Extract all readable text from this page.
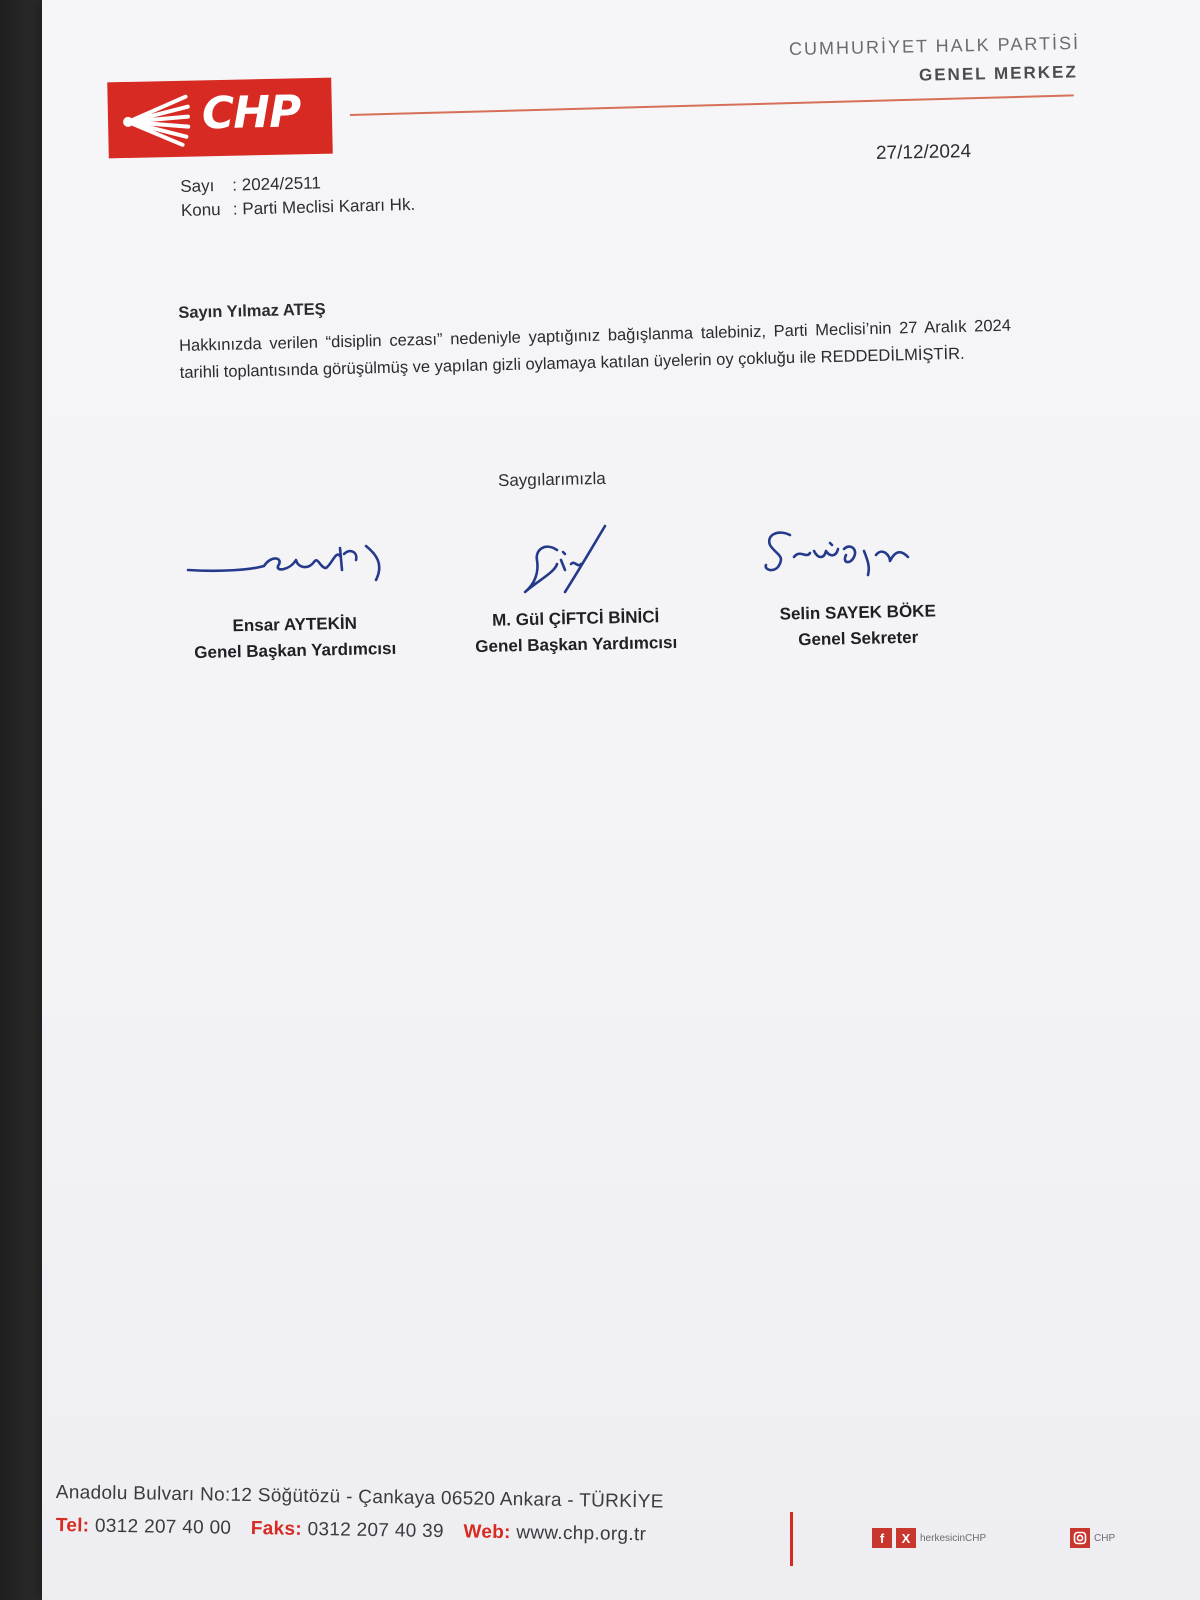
CHP
CUMHURİYET HALK PARTİSİ
GENEL MERKEZ
27/12/2024
Sayı : 2024/2511
Konu : Parti Meclisi Kararı Hk.
Sayın Yılmaz ATEŞ
Hakkınızda verilen “disiplin cezası” nedeniyle yaptığınız bağışlanma talebiniz, Parti Meclisi’nin 27 Aralık 2024 tarihli toplantısında görüşülmüş ve yapılan gizli oylamaya katılan üyelerin oy çokluğu ile REDDEDİLMİŞTİR.
Saygılarımızla
Ensar AYTEKİN
Genel Başkan Yardımcısı
M. Gül ÇİFTCİ BİNİCİ
Genel Başkan Yardımcısı
Selin SAYEK BÖKE
Genel Sekreter
Anadolu Bulvarı No:12 Söğütözü - Çankaya 06520 Ankara - TÜRKİYE
Tel: 0312 207 40 00 Faks: 0312 207 40 39 Web: www.chp.org.tr	f	X herkesicinCHP	CHP
